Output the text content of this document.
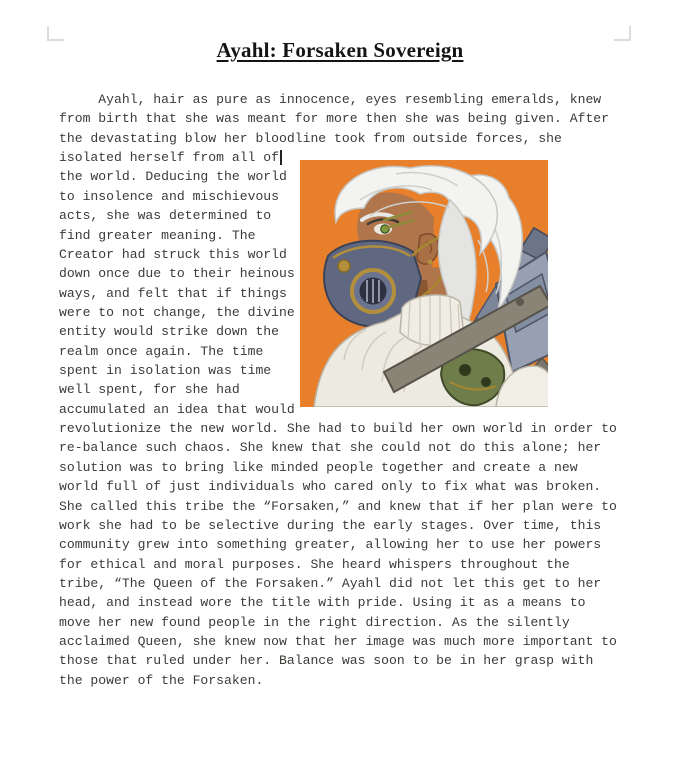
Ayahl: Forsaken Sovereign
Ayahl, hair as pure as innocence, eyes resembling emeralds, knew
from birth that she was meant for more then she was being given. After
the devastating blow her bloodline took from outside forces, she
isolated herself from all of
the world. Deducing the world
to insolence and mischievous
acts, she was determined to
find greater meaning. The
Creator had struck this world
down once due to their heinous
ways, and felt that if things
were to not change, the divine
entity would strike down the
realm once again. The time
spent in isolation was time
well spent, for she had
accumulated an idea that would
revolutionize the new world. She had to build her own world in order to
re-balance such chaos. She knew that she could not do this alone; her
solution was to bring like minded people together and create a new
world full of just individuals who cared only to fix what was broken.
She called this tribe the “Forsaken,” and knew that if her plan were to
work she had to be selective during the early stages. Over time, this
community grew into something greater, allowing her to use her powers
for ethical and moral purposes. She heard whispers throughout the
tribe, “The Queen of the Forsaken.” Ayahl did not let this get to her
head, and instead wore the title with pride. Using it as a means to
move her new found people in the right direction. As the silently
acclaimed Queen, she knew now that her image was much more important to
those that ruled under her. Balance was soon to be in her grasp with
the power of the Forsaken.
